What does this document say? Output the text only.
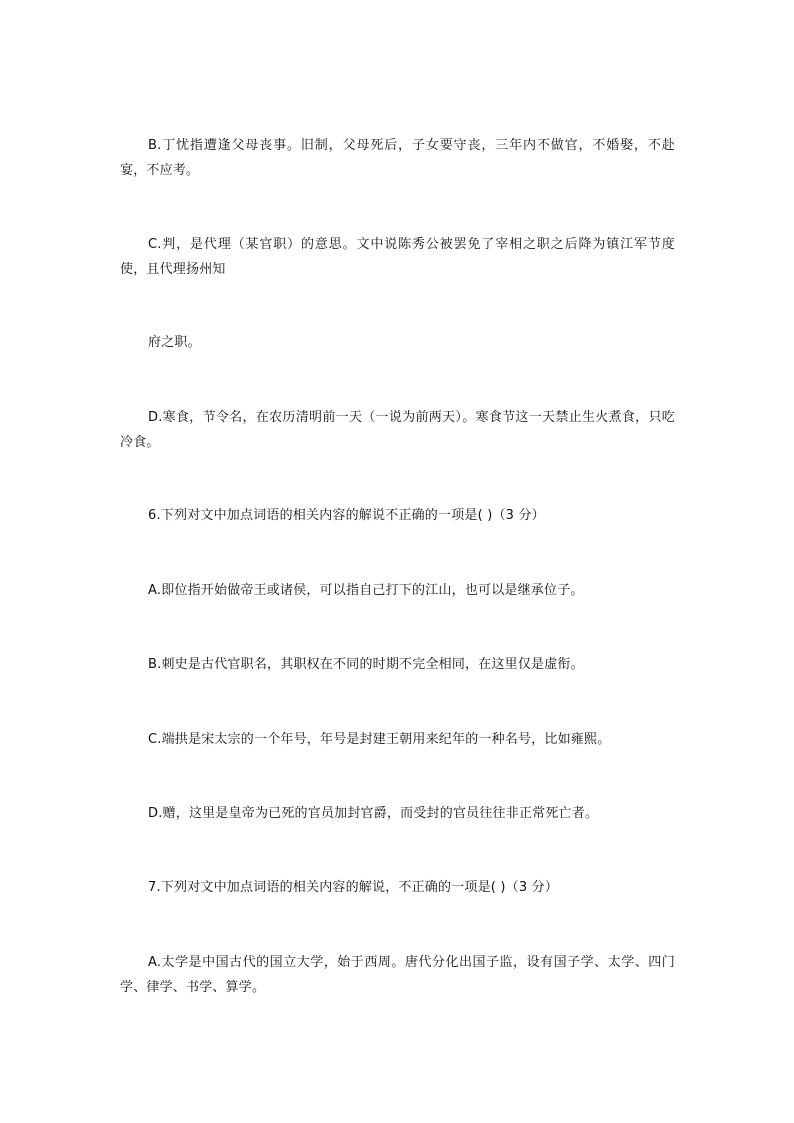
B.丁忧指遭逢父母丧事。旧制，父母死后，子女要守丧，三年内不做官，不婚娶，不赴宴，不应考。

C.判，是代理（某官职）的意思。文中说陈秀公被罢免了宰相之职之后降为镇江军节度使，且代理扬州知

府之职。

D.寒食，节令名，在农历清明前一天（一说为前两天）。寒食节这一天禁止生火煮食，只吃冷食。

6.下列对文中加点词语的相关内容的解说不正确的一项是( )（3 分）

A.即位指开始做帝王或诸侯，可以指自己打下的江山，也可以是继承位子。

B.刺史是古代官职名，其职权在不同的时期不完全相同，在这里仅是虚衔。

C.端拱是宋太宗的一个年号，年号是封建王朝用来纪年的一种名号，比如雍熙。

D.赠，这里是皇帝为已死的官员加封官爵，而受封的官员往往非正常死亡者。

7.下列对文中加点词语的相关内容的解说，不正确的一项是( )（3 分）

A.太学是中国古代的国立大学，始于西周。唐代分化出国子监，设有国子学、太学、四门学、律学、书学、算学。
